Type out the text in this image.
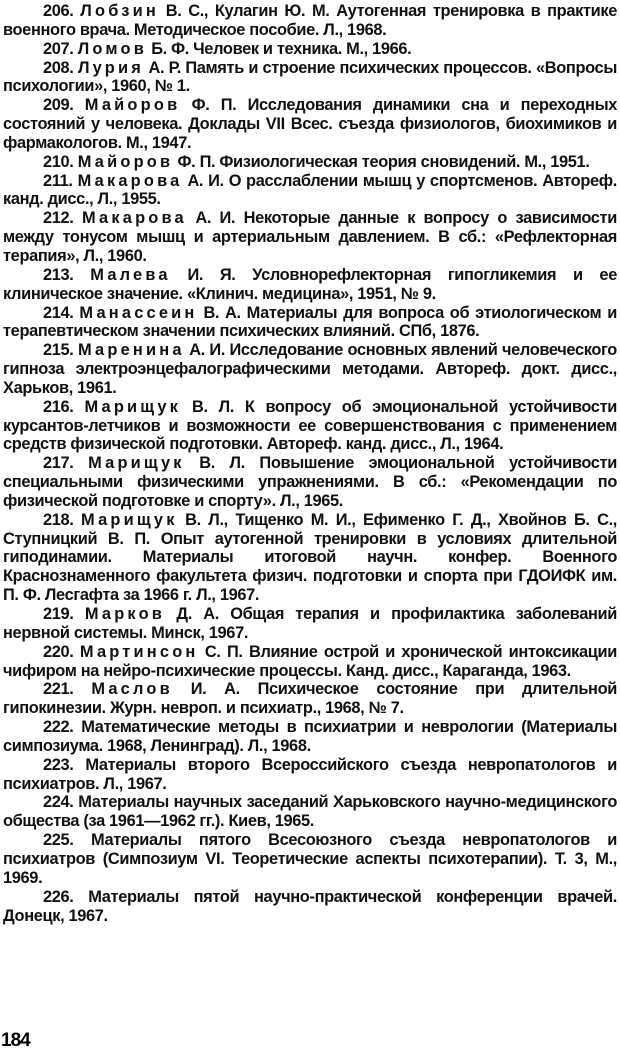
206. Лобзин В. С., Кулагин Ю. М. Аутогенная тренировка в практике военного врача. Методическое пособие. Л., 1968.

207. Ломов Б. Ф. Человек и техника. М., 1966.

208. Лурия А. Р. Память и строение психических процессов. «Вопросы психологии», 1960, № 1.

209. Майоров Ф. П. Исследования динамики сна и переходных состояний у человека. Доклады VII Всес. съезда физиологов, биохимиков и фармакологов. М., 1947.

210. Майоров Ф. П. Физиологическая теория сновидений. М., 1951.

211. Макарова А. И. О расслаблении мышц у спортсменов. Автореф. канд. дисс., Л., 1955.

212. Макарова А. И. Некоторые данные к вопросу о зависимости между тонусом мышц и артериальным давлением. В сб.: «Рефлекторная терапия», Л., 1960.

213. Малева И. Я. Условнорефлекторная гипогликемия и ее клиническое значение. «Клинич. медицина», 1951, № 9.

214. Манассеин В. А. Материалы для вопроса об этиологическом и терапевтическом значении психических влияний. СПб, 1876.

215. Маренина А. И. Исследование основных явлений человеческого гипноза электроэнцефалографическими методами. Автореф. докт. дисс., Харьков, 1961.

216. Марищук В. Л. К вопросу об эмоциональной устойчивости курсантов-летчиков и возможности ее совершенствования с применением средств физической подготовки. Автореф. канд. дисс., Л., 1964.

217. Марищук В. Л. Повышение эмоциональной устойчивости специальными физическими упражнениями. В сб.: «Рекомендации по физической подготовке и спорту». Л., 1965.

218. Марищук В. Л., Тищенко М. И., Ефименко Г. Д., Хвойнов Б. С., Ступницкий В. П. Опыт аутогенной тренировки в условиях длительной гиподинамии. Материалы итоговой научн. конфер. Военного Краснознаменного факультета физич. подготовки и спорта при ГДОИФК им. П. Ф. Лесгафта за 1966 г. Л., 1967.

219. Марков Д. А. Общая терапия и профилактика заболеваний нервной системы. Минск, 1967.

220. Мартинсон С. П. Влияние острой и хронической интоксикации чифиром на нейро-психические процессы. Канд. дисс., Караганда, 1963.

221. Маслов И. А. Психическое состояние при длительной гипокинезии. Журн. невроп. и психиатр., 1968, № 7.

222. Математические методы в психиатрии и неврологии (Материалы симпозиума. 1968, Ленинград). Л., 1968.

223. Материалы второго Всероссийского съезда невропатологов и психиатров. Л., 1967.

224. Материалы научных заседаний Харьковского научно-медицинского общества (за 1961—1962 гг.). Киев, 1965.

225. Материалы пятого Всесоюзного съезда невропатологов и психиатров (Симпозиум VI. Теоретические аспекты психотерапии). Т. 3, М., 1969.

226. Материалы пятой научно-практической конференции врачей. Донецк, 1967.

184
